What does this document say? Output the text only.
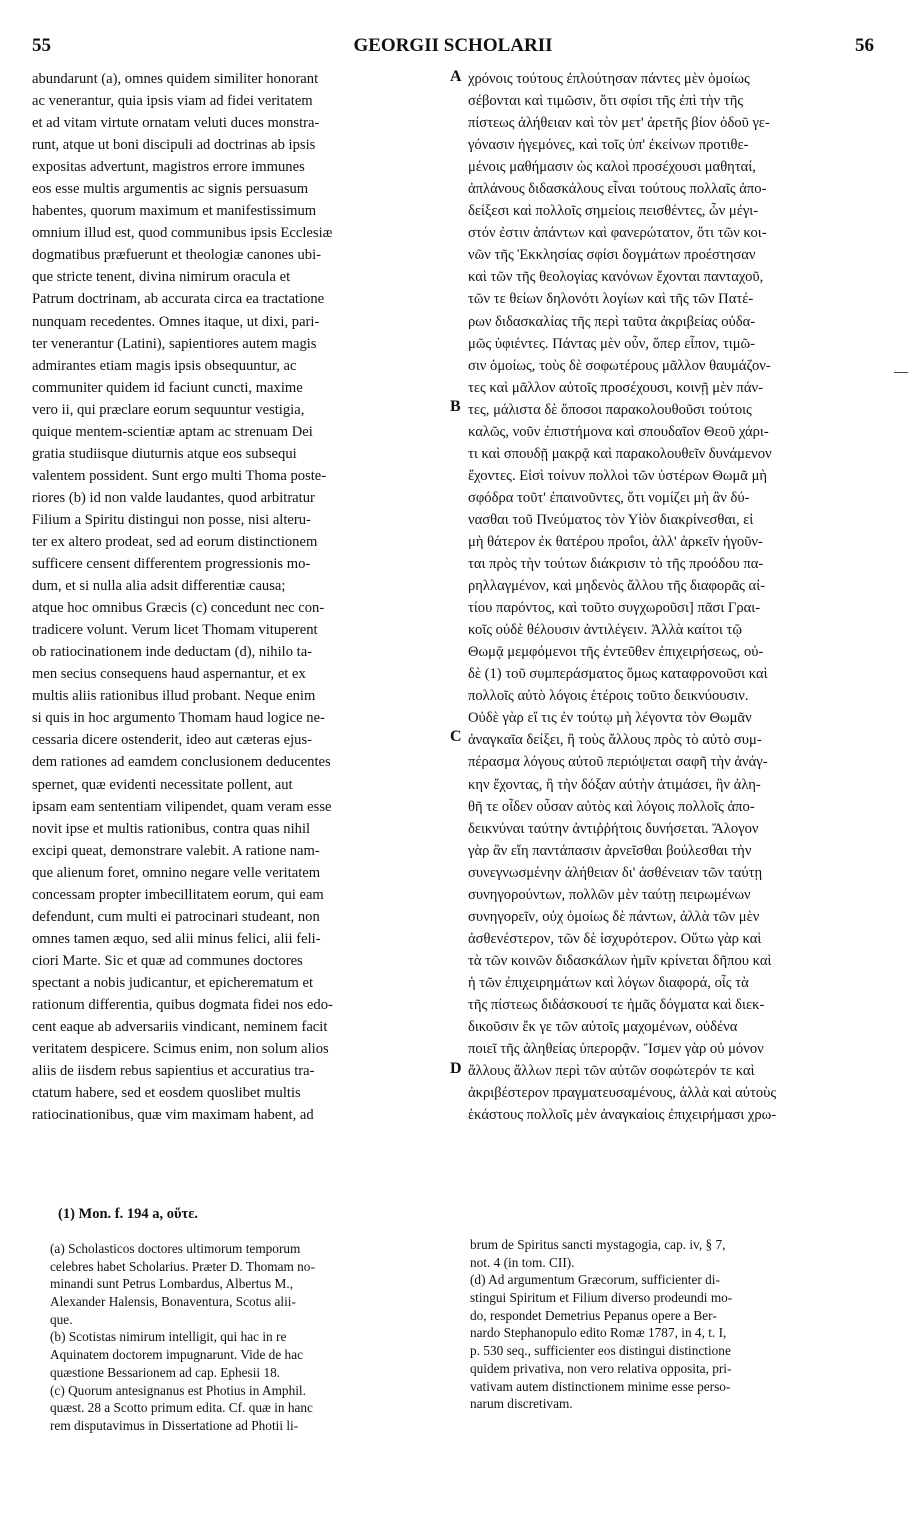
55	GEORGII SCHOLARII	56
abundarunt (a), omnes quidem similiter honorant
ac venerantur, quia ipsis viam ad fidei veritatem
et ad vitam virtute ornatam veluti duces monstra-
runt, atque ut boni discipuli ad doctrinas ab ipsis
expositas advertunt, magistros errore immunes
eos esse multis argumentis ac signis persuasum
habentes, quorum maximum et manifestissimum
omnium illud est, quod communibus ipsis Ecclesiæ
dogmatibus præfuerunt et theologiæ canones ubi-
que stricte tenent, divina nimirum oracula et
Patrum doctrinam, ab accurata circa ea tractatione
nunquam recedentes. Omnes itaque, ut dixi, pari-
ter venerantur (Latini), sapientiores autem magis
admirantes etiam magis ipsis obsequuntur, ac
communiter quidem id faciunt cuncti, maxime
vero ii, qui præclare eorum sequuntur vestigia,
quique mentem-scientiæ aptam ac strenuam Dei
gratia studiisque diuturnis atque eos subsequi
valentem possident. Sunt ergo multi Thoma poste-
riores (b) id non valde laudantes, quod arbitratur
Filium a Spiritu distingui non posse, nisi alteru-
ter ex altero prodeat, sed ad eorum distinctionem
sufficere censent differentem progressionis mo-
dum, et si nulla alia adsit differentiæ causa;
atque hoc omnibus Græcis (c) concedunt nec con-
tradicere volunt. Verum licet Thomam vituperent
ob ratiocinationem inde deductam (d), nihilo ta-
men secius consequens haud aspernantur, et ex
multis aliis rationibus illud probant. Neque enim
si quis in hoc argumento Thomam haud logice ne-
cessaria dicere ostenderit, ideo aut cæteras ejus-
dem rationes ad eamdem conclusionem deducentes
spernet, quæ evidenti necessitate pollent, aut
ipsam eam sententiam vilipendet, quam veram esse
novit ipse et multis rationibus, contra quas nihil
excipi queat, demonstrare valebit. A ratione nam-
que alienum foret, omnino negare velle veritatem
concessam propter imbecillitatem eorum, qui eam
defendunt, cum multi ei patrocinari studeant, non
omnes tamen æquo, sed alii minus felici, alii feli-
ciori Marte. Sic et quæ ad communes doctores
spectant a nobis judicantur, et epicherematum et
rationum differentia, quibus dogmata fidei nos edo-
cent eaque ab adversariis vindicant, neminem facit
veritatem despicere. Scimus enim, non solum alios
aliis de iisdem rebus sapientius et accuratius tra-
ctatum habere, sed et eosdem quoslibet multis
ratiocinationibus, quæ vim maximam habent, ad
χρόνοις τούτους ἐπλούτησαν πάντες μὲν ὁμοίως
σέβονται καὶ τιμῶσιν, ὅτι σφίσι τῆς ἐπὶ τὴν τῆς
πίστεως ἀλήθειαν καὶ τὸν μετ' ἀρετῆς βίον ὁδοῦ γε-
γόνασιν ἡγεμόνες, καὶ τοῖς ὑπ' ἐκείνων προτιθε-
μένοις μαθήμασιν ὡς καλοὶ προσέχουσι μαθηταί,
ἀπλάνους διδασκάλους εἶναι τούτους πολλαῖς ἀπο-
δείξεσι καὶ πολλοῖς σημείοις πεισθέντες, ὧν μέγι-
στόν ἐστιν ἁπάντων καὶ φανερώτατον, ὅτι τῶν κοι-
νῶν τῆς Ἐκκλησίας σφίσι δογμάτων προέστησαν
καὶ τῶν τῆς θεολογίας κανόνων ἔχονται πανταχοῦ,
τῶν τε θείων δηλονότι λογίων καὶ τῆς τῶν Πατέ-
ρων διδασκαλίας τῆς περὶ ταῦτα ἀκριβείας οὐδα-
μῶς ὑφιέντες. Πάντας μὲν οὖν, ὅπερ εἶπον, τιμῶ-
σιν ὁμοίως, τοὺς δὲ σοφωτέρους μᾶλλον θαυμάζον-
τες καὶ μᾶλλον αὐτοῖς προσέχουσι, κοινῇ μὲν πάν-
τες, μάλιστα δὲ ὅποσοι παρακολουθοῦσι τούτοις
καλῶς, νοῦν ἐπιστήμονα καὶ σπουδαῖον Θεοῦ χάρι-
τι καὶ σπουδῇ μακρᾷ καὶ παρακολουθεῖν δυνάμενον
ἔχοντες. Εἰσὶ τοίνυν πολλοὶ τῶν ὑστέρων Θωμᾶ μὴ
σφόδρα τοῦτ' ἐπαινοῦντες, ὅτι νομίζει μὴ ἂν δύ-
νασθαι τοῦ Πνεύματος τὸν Υἱὸν διακρίνεσθαι, εἰ
μὴ θάτερον ἐκ θατέρου προΐοι, ἀλλ' ἀρκεῖν ἡγοῦν-
ται πρὸς τὴν τούτων διάκρισιν τὸ τῆς προόδου πα-
ρηλλαγμένον, καὶ μηδενὸς ἄλλου τῆς διαφορᾶς αἰ-
τίου παρόντος, καὶ τοῦτο συγχωροῦσι] πᾶσι Γραι-
κοῖς οὐδὲ θέλουσιν ἀντιλέγειν. Ἀλλὰ καίτοι τῷ
Θωμᾷ μεμφόμενοι τῆς ἐντεῦθεν ἐπιχειρήσεως, οὐ-
δὲ (1) τοῦ συμπεράσματος ὅμως καταφρονοῦσι καὶ
πολλοῖς αὐτὸ λόγοις ἑτέροις τοῦτο δεικνύουσιν.
Οὐδὲ γὰρ εἴ τις ἐν τούτῳ μὴ λέγοντα τὸν Θωμᾶν
ἀναγκαῖα δείξει, ἢ τοὺς ἄλλους πρὸς τὸ αὐτὸ συμ-
πέρασμα λόγους αὐτοῦ περιόψεται σαφῆ τὴν ἀνάγ-
κην ἔχοντας, ἢ τὴν δόξαν αὐτὴν ἀτιμάσει, ἣν ἀλη-
θῆ τε οἶδεν οὖσαν αὐτὸς καὶ λόγοις πολλοῖς ἀπο-
δεικνύναι ταύτην ἀντιῤῥήτοις δυνήσεται. Ἄλογον
γὰρ ἂν εἴη παντάπασιν ἀρνεῖσθαι βούλεσθαι τὴν
συνεγνωσμένην ἀλήθειαν δι' ἀσθένειαν τῶν ταύτῃ
συνηγορούντων, πολλῶν μὲν ταύτῃ πειρωμένων
συνηγορεῖν, οὐχ ὁμοίως δὲ πάντων, ἀλλὰ τῶν μὲν
ἀσθενέστερον, τῶν δὲ ἰσχυρότερον. Οὕτω γὰρ καὶ
τὰ τῶν κοινῶν διδασκάλων ἡμῖν κρίνεται δῆπου καὶ
ἡ τῶν ἐπιχειρημάτων καὶ λόγων διαφορά, οἷς τὰ
τῆς πίστεως διδάσκουσί τε ἡμᾶς δόγματα καὶ διεκ-
δικοῦσιν ἔκ γε τῶν αὐτοῖς μαχομένων, οὐδένα
ποιεῖ τῆς ἀληθείας ὑπερορᾷν. Ἴσμεν γὰρ οὐ μόνον
ἄλλους ἄλλων περὶ τῶν αὐτῶν σοφώτερόν τε καὶ
ἀκριβέστερον πραγματευσαμένους, ἀλλὰ καὶ αὐτοὺς
ἑκάστους πολλοῖς μὲν ἀναγκαίοις ἐπιχειρήμασι χρω-
A
B
C
D
(1) Mon. f. 194 a, οὕτε.
(a) Scholasticos doctores ultimorum temporum
celebres habet Scholarius. Præter D. Thomam no-
minandi sunt Petrus Lombardus, Albertus M.,
Alexander Halensis, Bonaventura, Scotus alii-
que.
(b) Scotistas nimirum intelligit, qui hac in re
Aquinatem doctorem impugnarunt. Vide de hac
quæstione Bessarionem ad cap. Ephesii 18.
(c) Quorum antesignanus est Photius in Amphil.
quæst. 28 a Scotto primum edita. Cf. quæ in hanc
rem disputavimus in Dissertatione ad Photii li-
brum de Spiritus sancti mystagogia, cap. iv, § 7,
not. 4 (in tom. CII).
(d) Ad argumentum Græcorum, sufficienter di-
stingui Spiritum et Filium diverso prodeundi mo-
do, respondet Demetrius Pepanus opere a Ber-
nardo Stephanopulo edito Romæ 1787, in 4, t. I,
p. 530 seq., sufficienter eos distingui distinctione
quidem privativa, non vero relativa opposita, pri-
vativam autem distinctionem minime esse perso-
narum discretivam.
